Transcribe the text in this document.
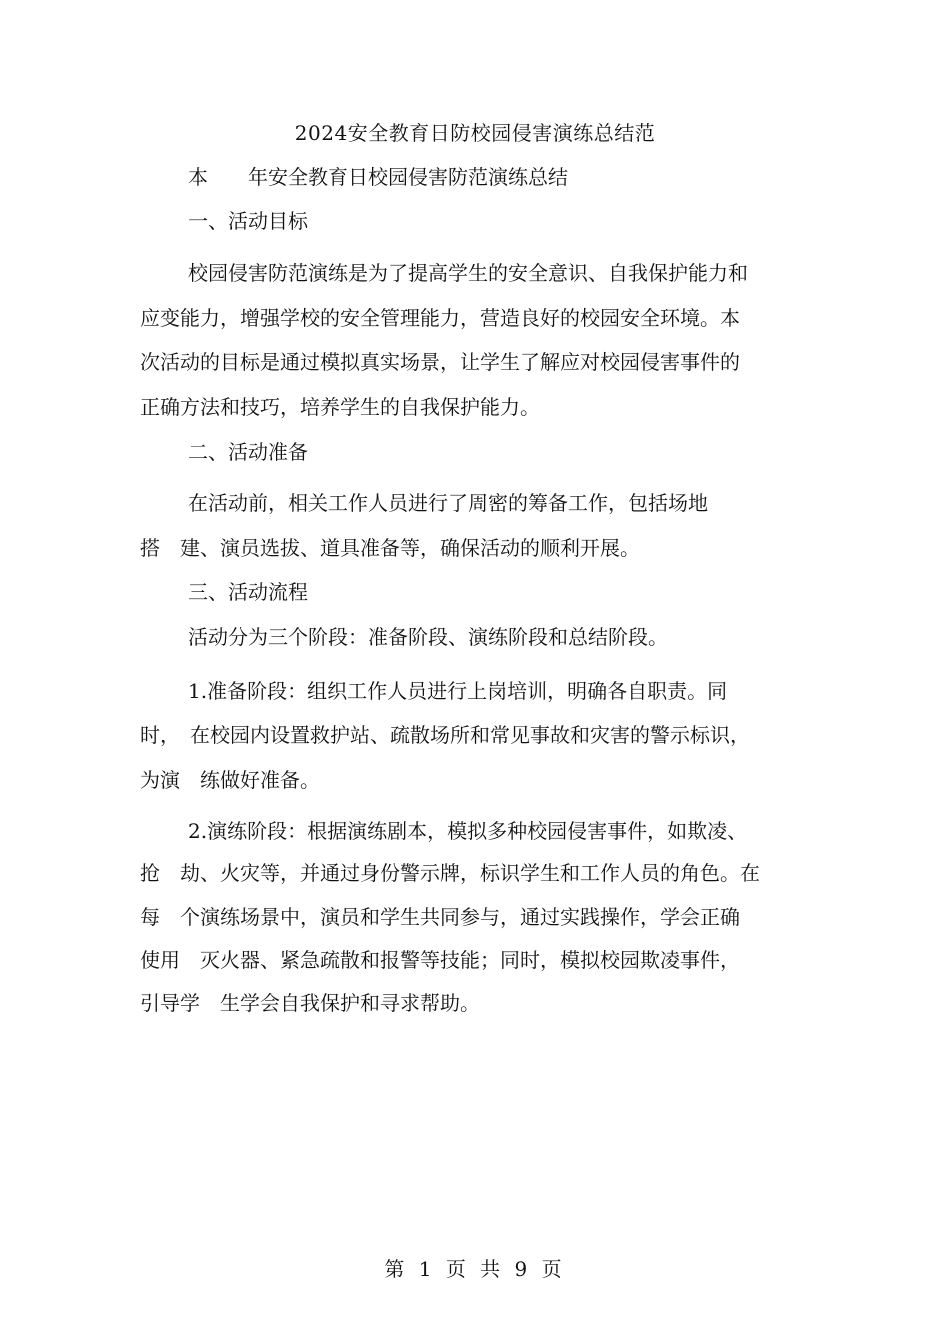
2024安全教育日防校园侵害演练总结范
本　　年安全教育日校园侵害防范演练总结
一、活动目标
校园侵害防范演练是为了提高学生的安全意识、自我保护能力和
应变能力，增强学校的安全管理能力，营造良好的校园安全环境。本
次活动的目标是通过模拟真实场景，让学生了解应对校园侵害事件的
正确方法和技巧，培养学生的自我保护能力。
二、活动准备
在活动前，相关工作人员进行了周密的筹备工作，包括场地
搭　建、演员选拔、道具准备等，确保活动的顺利开展。
三、活动流程
活动分为三个阶段：准备阶段、演练阶段和总结阶段。
1.准备阶段：组织工作人员进行上岗培训，明确各自职责。同
时，　在校园内设置救护站、疏散场所和常见事故和灾害的警示标识，
为演　练做好准备。
2.演练阶段：根据演练剧本，模拟多种校园侵害事件，如欺凌、
抢　劫、火灾等，并通过身份警示牌，标识学生和工作人员的角色。在
每　个演练场景中，演员和学生共同参与，通过实践操作，学会正确
使用　灭火器、紧急疏散和报警等技能；同时，模拟校园欺凌事件，
引导学　生学会自我保护和寻求帮助。
第 1 页 共 9 页
